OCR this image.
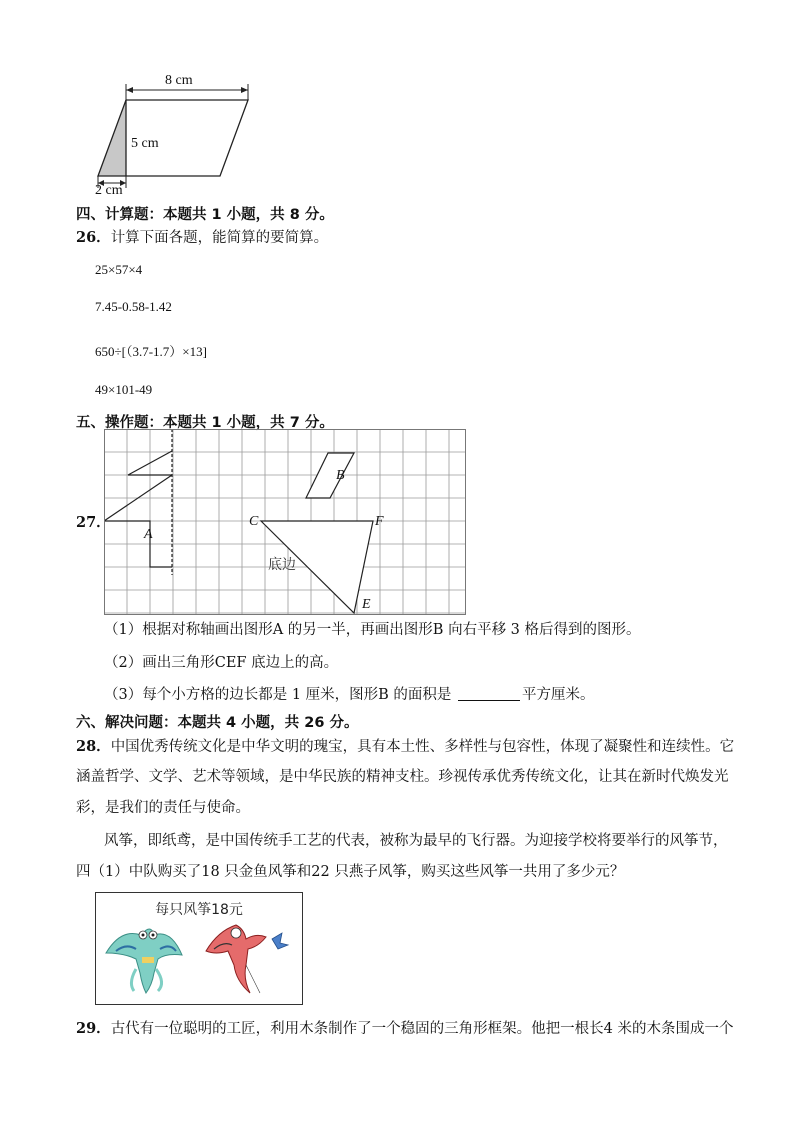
8 cm
5 cm
2 cm
四、计算题：本题共 1 小题，共 8 分。
26．计算下面各题，能简算的要简算。
25×57×4
7.45-0.58-1.42
650÷[（3.7-1.7）×13]
49×101-49
五、操作题：本题共 1 小题，共 7 分。
27．
B
A
C	F
E
底边
（1）根据对称轴画出图形A 的另一半，再画出图形B 向右平移 3 格后得到的图形。
（2）画出三角形CEF 底边上的高。
（3）每个小方格的边长都是 1 厘米，图形B 的面积是	平方厘米。
六、解决问题：本题共 4 小题，共 26 分。
28．中国优秀传统文化是中华文明的瑰宝，具有本土性、多样性与包容性，体现了凝聚性和连续性。它
涵盖哲学、文学、艺术等领域，是中华民族的精神支柱。珍视传承优秀传统文化，让其在新时代焕发光
彩，是我们的责任与使命。
风筝，即纸鸢，是中国传统手工艺的代表，被称为最早的飞行器。为迎接学校将要举行的风筝节，
四（1）中队购买了18 只金鱼风筝和22 只燕子风筝，购买这些风筝一共用了多少元？
每只风筝18元
29．古代有一位聪明的工匠，利用木条制作了一个稳固的三角形框架。他把一根长4 米的木条围成一个
